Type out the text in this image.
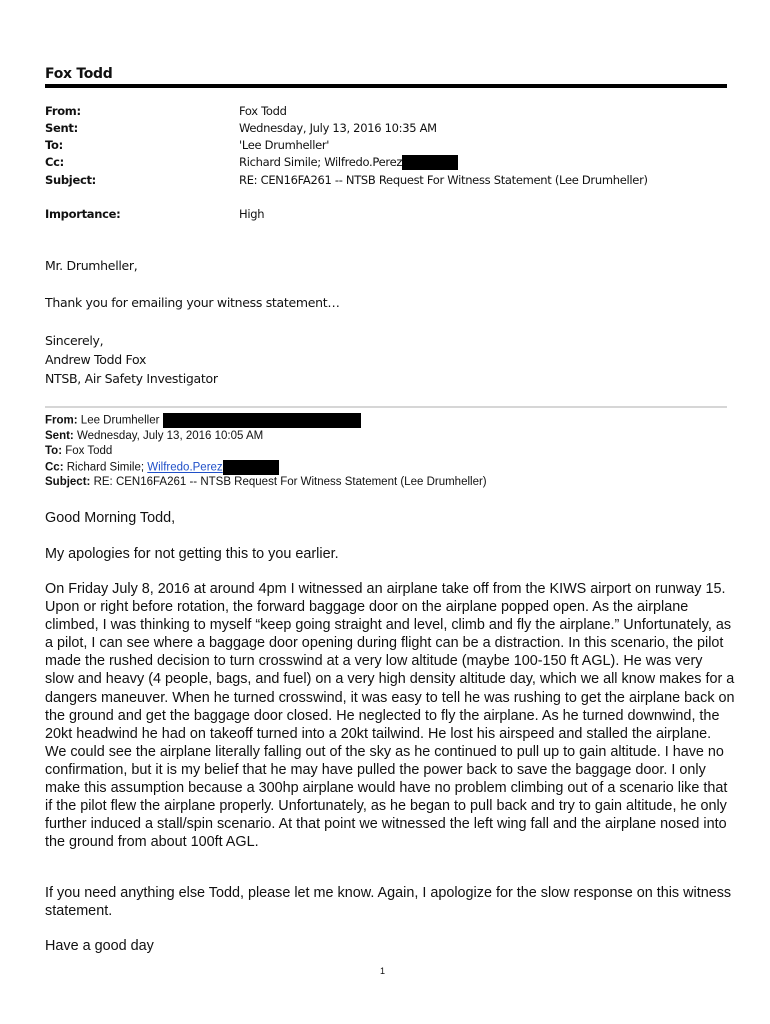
Fox Todd
From:	Fox Todd
Sent:	Wednesday, July 13, 2016 10:35 AM
To:	'Lee Drumheller'
Cc:	Richard Simile; Wilfredo.Perez
Subject:	RE: CEN16FA261 -- NTSB Request For Witness Statement (Lee Drumheller)
Importance:	High
Mr. Drumheller,
Thank you for emailing your witness statement…
Sincerely,
Andrew Todd Fox
NTSB, Air Safety Investigator
From: Lee Drumheller
Sent: Wednesday, July 13, 2016 10:05 AM
To: Fox Todd
Cc: Richard Simile; Wilfredo.Perez
Subject: RE: CEN16FA261 -- NTSB Request For Witness Statement (Lee Drumheller)
Good Morning Todd,
My apologies for not getting this to you earlier.
On Friday July 8, 2016 at around 4pm I witnessed an airplane take off from the KIWS airport on runway 15. Upon or right before rotation, the forward baggage door on the airplane popped open. As the airplane climbed, I was thinking to myself “keep going straight and level, climb and fly the airplane.” Unfortunately, as a pilot, I can see where a baggage door opening during flight can be a distraction. In this scenario, the pilot made the rushed decision to turn crosswind at a very low altitude (maybe 100-150 ft AGL). He was very slow and heavy (4 people, bags, and fuel) on a very high density altitude day, which we all know makes for a dangers maneuver. When he turned crosswind, it was easy to tell he was rushing to get the airplane back on the ground and get the baggage door closed. He neglected to fly the airplane. As he turned downwind, the 20kt headwind he had on takeoff turned into a 20kt tailwind. He lost his airspeed and stalled the airplane. We could see the airplane literally falling out of the sky as he continued to pull up to gain altitude. I have no confirmation, but it is my belief that he may have pulled the power back to save the baggage door. I only make this assumption because a 300hp airplane would have no problem climbing out of a scenario like that if the pilot flew the airplane properly. Unfortunately, as he began to pull back and try to gain altitude, he only further induced a stall/spin scenario. At that point we witnessed the left wing fall and the airplane nosed into the ground from about 100ft AGL.
If you need anything else Todd, please let me know. Again, I apologize for the slow response on this witness statement.
Have a good day
1
